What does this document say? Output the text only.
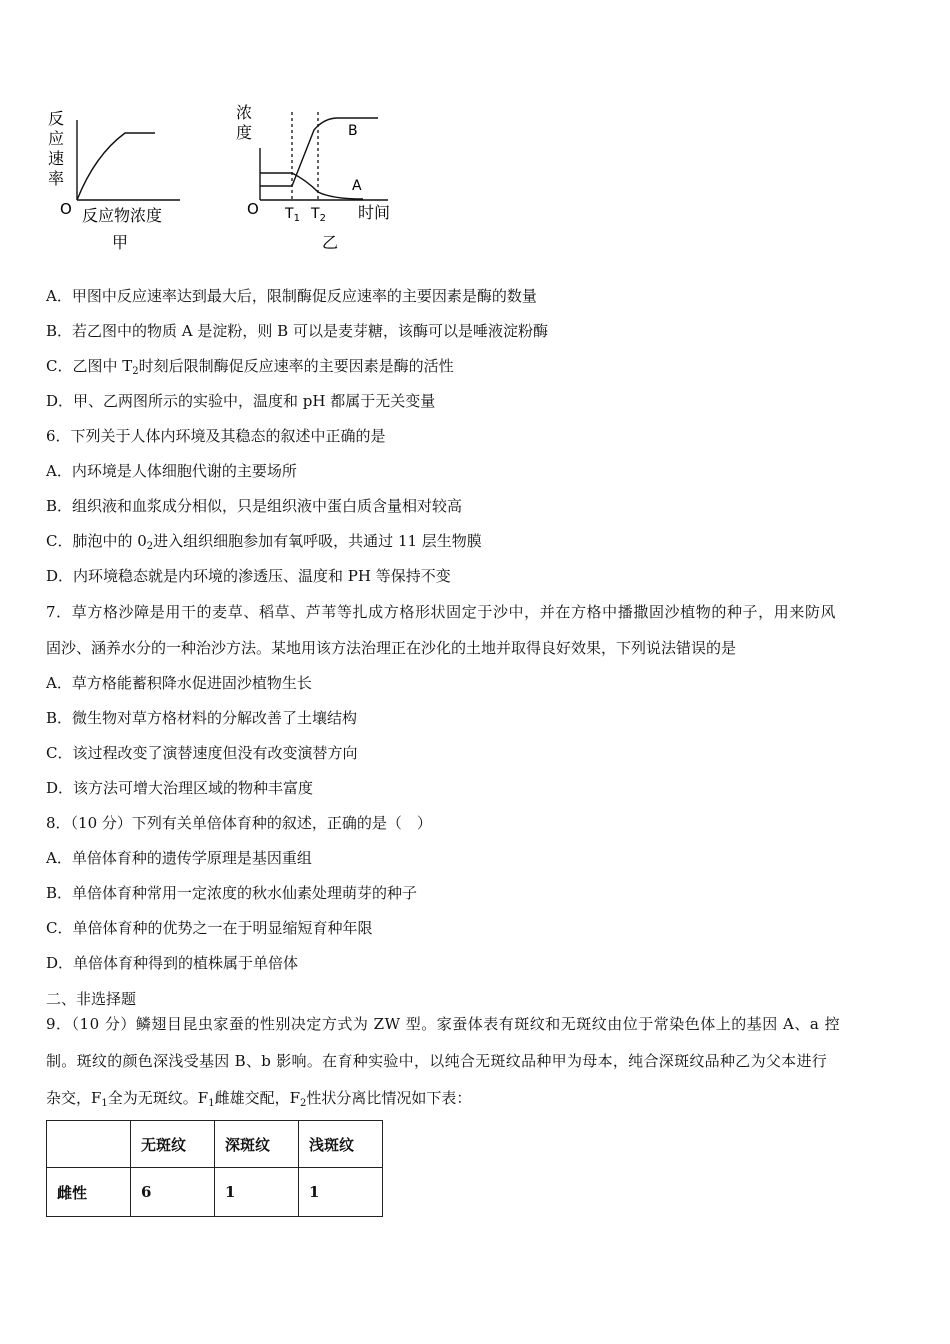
反
应
速
率
O 反应物浓度
甲
浓
度	B
A
O $T_1$ $T_2$ 时间
乙
A．甲图中反应速率达到最大后，限制酶促反应速率的主要因素是酶的数量
B．若乙图中的物质 A 是淀粉，则 B 可以是麦芽糖，该酶可以是唾液淀粉酶
C．乙图中 $T_2$时刻后限制酶促反应速率的主要因素是酶的活性
D．甲、乙两图所示的实验中，温度和 pH 都属于无关变量
6．下列关于人体内环境及其稳态的叙述中正确的是
A．内环境是人体细胞代谢的主要场所
B．组织液和血浆成分相似，只是组织液中蛋白质含量相对较高
C．肺泡中的 $0_2$进入组织细胞参加有氧呼吸，共通过 11 层生物膜
D．内环境稳态就是内环境的渗透压、温度和 PH 等保持不变
7．草方格沙障是用干的麦草、稻草、芦苇等扎成方格形状固定于沙中，并在方格中播撒固沙植物的种子，用来防风
固沙、涵养水分的一种治沙方法。某地用该方法治理正在沙化的土地并取得良好效果，下列说法错误的是
A．草方格能蓄积降水促进固沙植物生长
B．微生物对草方格材料的分解改善了土壤结构
C．该过程改变了演替速度但没有改变演替方向
D．该方法可增大治理区域的物种丰富度
8．（10 分）下列有关单倍体育种的叙述，正确的是（　）
A．单倍体育种的遗传学原理是基因重组
B．单倍体育种常用一定浓度的秋水仙素处理萌芽的种子
C．单倍体育种的优势之一在于明显缩短育种年限
D．单倍体育种得到的植株属于单倍体
二、非选择题
9．（10 分）鳞翅目昆虫家蚕的性别决定方式为 ZW 型。家蚕体表有斑纹和无斑纹由位于常染色体上的基因 A、a 控
制。斑纹的颜色深浅受基因 B、b 影响。在育种实验中，以纯合无斑纹品种甲为母本，纯合深斑纹品种乙为父本进行
杂交，$F_1$全为无斑纹。$F_1$雌雄交配，$F_2$性状分离比情况如下表：
	无斑纹	深斑纹	浅斑纹
雌性	6	1	1
